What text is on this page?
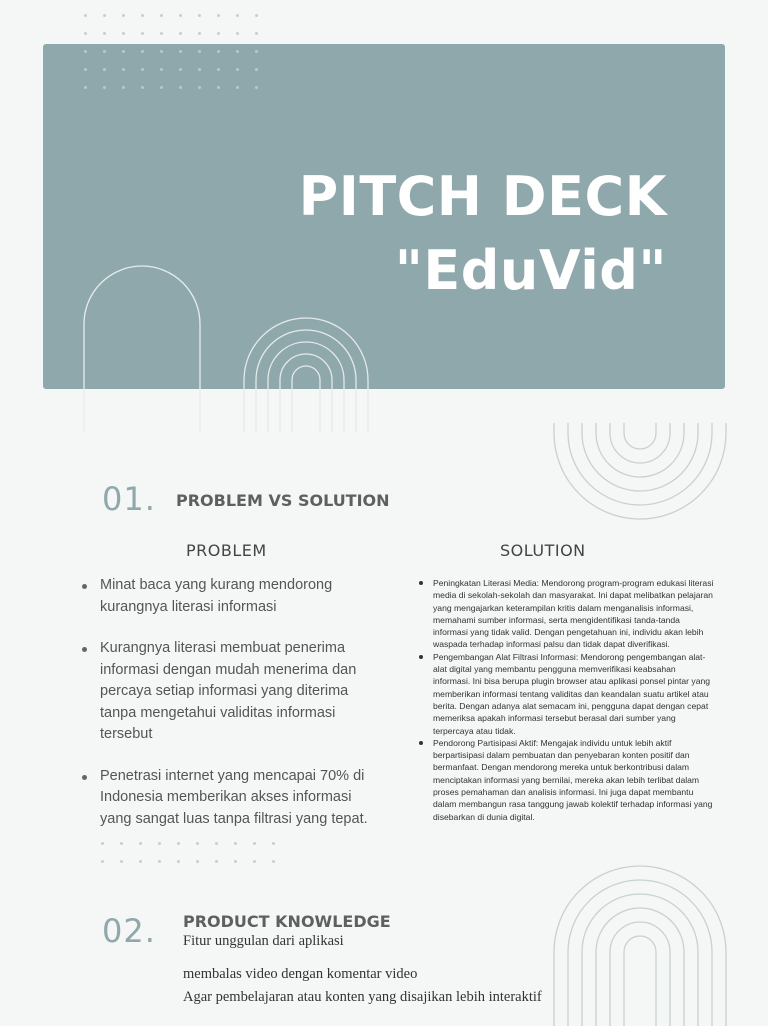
PITCH DECK

"EduVid"

01. PROBLEM VS SOLUTION
PROBLEM	SOLUTION
Minat baca yang kurang mendorong kurangnya literasi informasi
Kurangnya literasi membuat penerima informasi dengan mudah menerima dan percaya setiap informasi yang diterima tanpa mengetahui validitas informasi tersebut
Penetrasi internet yang mencapai 70% di Indonesia memberikan akses informasi yang sangat luas tanpa filtrasi yang tepat.
Peningkatan Literasi Media: Mendorong program-program edukasi literasi media di sekolah-sekolah dan masyarakat. Ini dapat melibatkan pelajaran yang mengajarkan keterampilan kritis dalam menganalisis informasi, memahami sumber informasi, serta mengidentifikasi tanda-tanda informasi yang tidak valid. Dengan pengetahuan ini, individu akan lebih waspada terhadap informasi palsu dan tidak dapat diverifikasi.
Pengembangan Alat Filtrasi Informasi: Mendorong pengembangan alat-alat digital yang membantu pengguna memverifikasi keabsahan informasi. Ini bisa berupa plugin browser atau aplikasi ponsel pintar yang memberikan informasi tentang validitas dan keandalan suatu artikel atau berita. Dengan adanya alat semacam ini, pengguna dapat dengan cepat memeriksa apakah informasi tersebut berasal dari sumber yang terpercaya atau tidak.
Pendorong Partisipasi Aktif: Mengajak individu untuk lebih aktif berpartisipasi dalam pembuatan dan penyebaran konten positif dan bermanfaat. Dengan mendorong mereka untuk berkontribusi dalam menciptakan informasi yang bernilai, mereka akan lebih terlibat dalam proses pemahaman dan analisis informasi. Ini juga dapat membantu dalam membangun rasa tanggung jawab kolektif terhadap informasi yang disebarkan di dunia digital.
02. PRODUCT KNOWLEDGE
Fitur unggulan dari aplikasi
membalas video dengan komentar video
Agar pembelajaran atau konten yang disajikan lebih interaktif
